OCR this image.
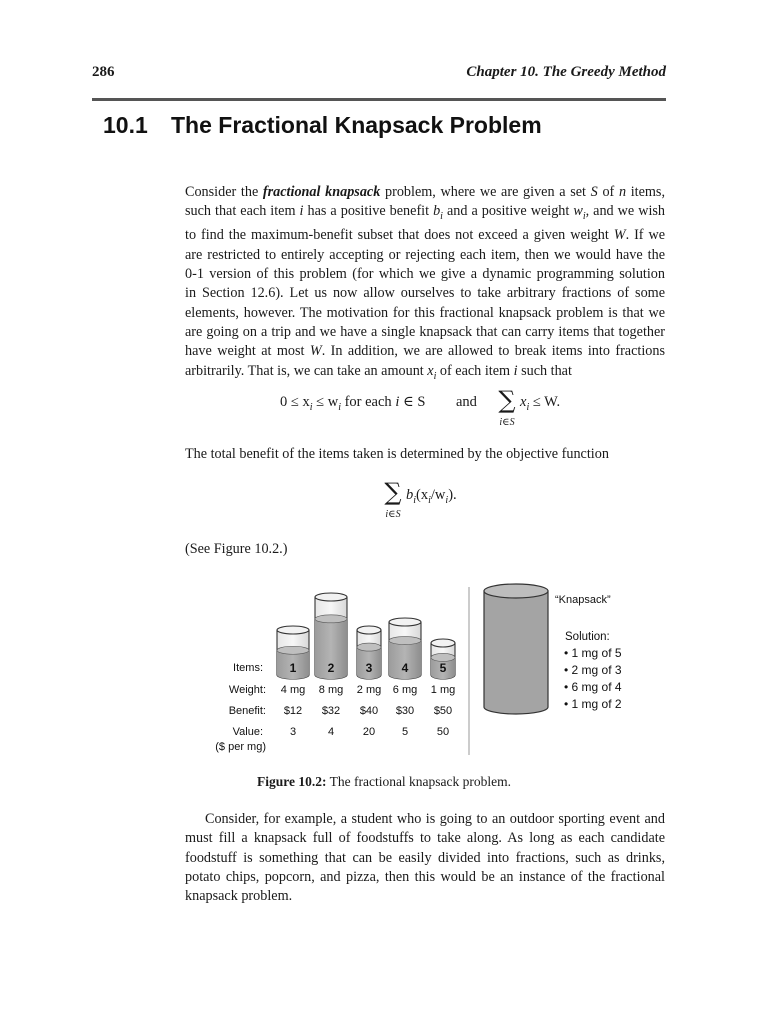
286	Chapter 10. The Greedy Method
10.1 The Fractional Knapsack Problem
Consider the fractional knapsack problem, where we are given a set S of n items,
such that each item i has a positive benefit $b_i$ and a positive weight $w_i$, and we wish
to find the maximum-benefit subset that does not exceed a given weight W. If we
are restricted to entirely accepting or rejecting each item, then we would have the
0-1 version of this problem (for which we give a dynamic programming solution
in Section 12.6). Let us now allow ourselves to take arbitrary fractions of some
elements, however. The motivation for this fractional knapsack problem is that we
are going on a trip and we have a single knapsack that can carry items that together
have weight at most W. In addition, we are allowed to break items into fractions
arbitrarily. That is, we can take an amount $x_i$ of each item i such that
$0 \le x_i \le w_i$ for each i ∈ S and ∑
i∈S
$x_i \le W$.
The total benefit of the items taken is determined by the objective function
∑
i∈S
$b_i(x_i/w_i)$.
(See Figure 10.2.)
1
4 mg
$12
3
2
8 mg
$32
4
3
2 mg
$40
20
4
6 mg
$30
5
5
1 mg
$50
50
Items:
Weight:
Benefit:
Value:
($ per mg)
“Knapsack”
Solution:
• 1 mg of 5
• 2 mg of 3
• 6 mg of 4
• 1 mg of 2
Figure 10.2: The fractional knapsack problem.
Consider, for example, a student who is going to an outdoor sporting event and
must fill a knapsack full of foodstuffs to take along. As long as each candidate
foodstuff is something that can be easily divided into fractions, such as drinks,
potato chips, popcorn, and pizza, then this would be an instance of the fractional
knapsack problem.
